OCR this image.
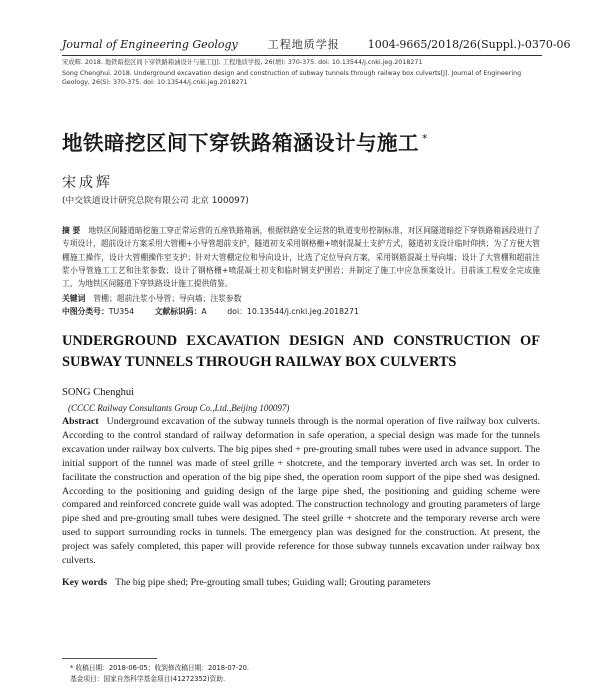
Journal of Engineering Geology	工程地质学报	1004-9665/2018/26(Suppl.)-0370-06
宋成辉. 2018. 地铁暗挖区间下穿铁路箱涵设计与施工[J]. 工程地质学报, 26(增): 370-375. doi: 10.13544/j.cnki.jeg.2018271
Song Chenghui. 2018. Underground excavation design and construction of subway tunnels through railway box culverts[J]. Journal of Engineering Geology, 26(S): 370-375. doi: 10.13544/j.cnki.jeg.2018271
地铁暗挖区间下穿铁路箱涵设计与施工 *
宋成辉
(中交铁道设计研究总院有限公司 北京 100097)
摘 要 地铁区间隧道暗挖施工穿正常运营的五座铁路箱涵，根据铁路安全运营的轨道变形控制标准，对区间隧道暗挖下穿铁路箱涵段进行了专项设计，超前设计方案采用大管棚+小导管超前支护，隧道初支采用钢格栅+喷射混凝土支护方式，隧道初支设计临时仰拱；为了方便大管棚施工操作，设计大管棚操作室支护；针对大管棚定位和导向设计，比选了定位导向方案，采用钢筋混凝土导向墙；设计了大管棚和超前注浆小导管施工工艺和注浆参数；设计了钢格栅+喷混凝土初支和临时钢支护围岩；并制定了施工中应急预案设计。目前该工程安全完成施工，为地铁区间隧道下穿铁路设计施工提供借鉴。
关键词 管棚；超前注浆小导管；导向墙；注浆参数
中图分类号：TU354	文献标识码：A	doi：10.13544/j.cnki.jeg.2018271
UNDERGROUND EXCAVATION DESIGN AND CONSTRUCTION OF
SUBWAY TUNNELS THROUGH RAILWAY BOX CULVERTS
SONG Chenghui
(CCCC Railway Consultants Group Co.,Ltd.,Beijing 100097)
Abstract Underground excavation of the subway tunnels through is the normal operation of five railway box culverts. According to the control standard of railway deformation in safe operation, a special design was made for the tunnels excavation under railway box culverts. The big pipes shed + pre-grouting small tubes were used in advance support. The initial support of the tunnel was made of steel grille + shotcrete, and the temporary inverted arch was set. In order to facilitate the construction and operation of the big pipe shed, the operation room support of the pipe shed was designed. According to the positioning and guiding design of the large pipe shed, the positioning and guiding scheme were compared and reinforced concrete guide wall was adopted. The construction technology and grouting parameters of large pipe shed and pre-grouting small tubes were designed. The steel grille + shotcrete and the temporary reverse arch were used to support surrounding rocks in tunnels. The emergency plan was designed for the construction. At present, the project was safely completed, this paper will provide reference for those subway tunnels excavation under railway box culverts.
Key words The big pipe shed; Pre-grouting small tubes; Guiding wall; Grouting parameters
* 收稿日期：2018-06-05；收到修改稿日期：2018-07-20.
基金项目：国家自然科学基金项目(41272352)资助.
